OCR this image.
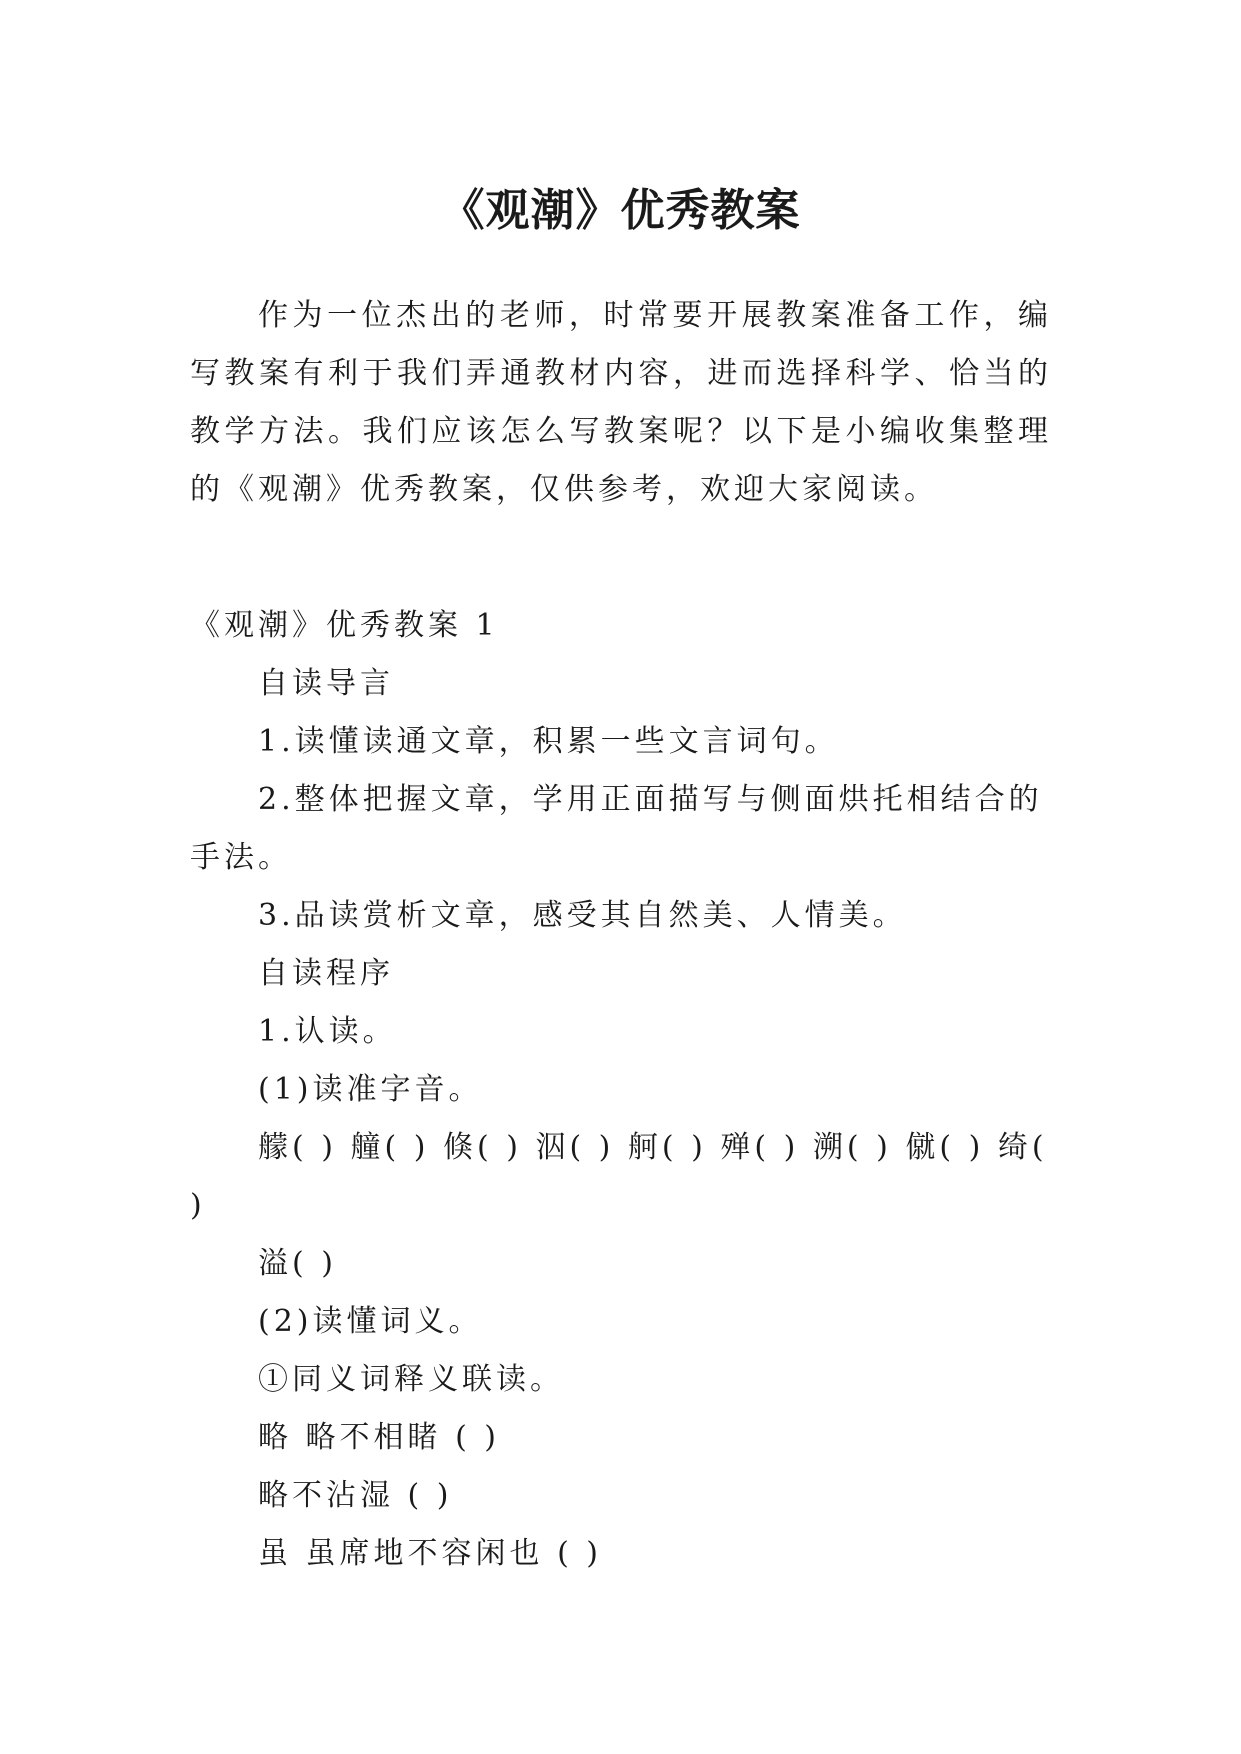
《观潮》优秀教案

作为一位杰出的老师，时常要开展教案准备工作，编写教案有利于我们弄通教材内容，进而选择科学、恰当的教学方法。我们应该怎么写教案呢？以下是小编收集整理的《观潮》优秀教案，仅供参考，欢迎大家阅读。

《观潮》优秀教案 1

自读导言

1.读懂读通文章，积累一些文言词句。

2.整体把握文章，学用正面描写与侧面烘托相结合的手法。

3.品读赏析文章，感受其自然美、人情美。

自读程序

1.认读。

(1)读准字音。

艨( ) 艟( ) 倏( ) 泅( ) 舸( ) 殚( ) 溯( ) 僦( ) 绮( )

溢( )

(2)读懂词义。

①同义词释义联读。

略 略不相睹 ( )

略不沾湿 ( )

虽 虽席地不容闲也 ( )
